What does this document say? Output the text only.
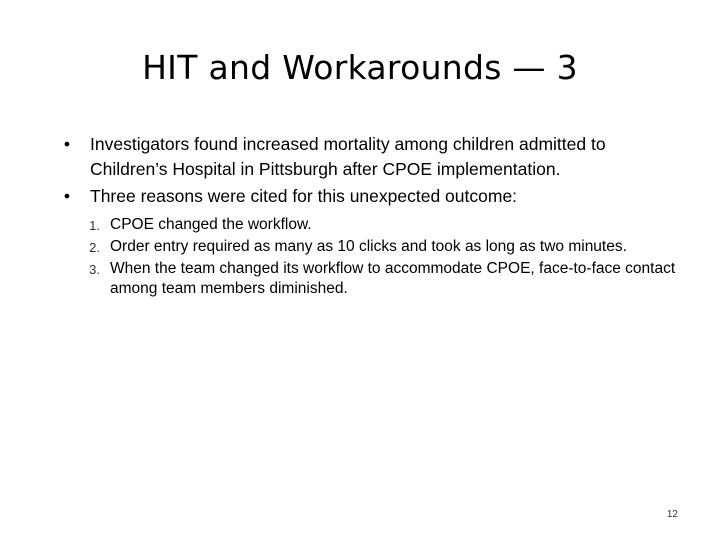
HIT and Workarounds — 3
• Investigators found increased mortality among children admitted to Children’s Hospital in Pittsburgh after CPOE implementation.
• Three reasons were cited for this unexpected outcome:
1. CPOE changed the workflow.
2. Order entry required as many as 10 clicks and took as long as two minutes.
3. When the team changed its workflow to accommodate CPOE, face-to-face contact among team members diminished.
12
